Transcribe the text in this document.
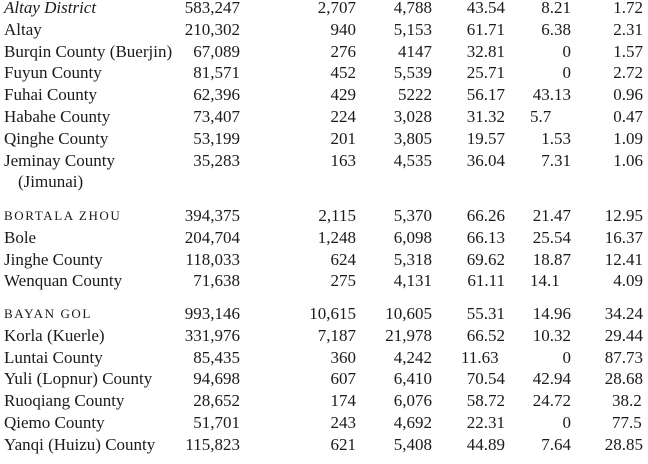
Altay District	583,247	2,707 4,788 43.54 8.21 1.72
Altay	210,302	940 5,153 61.71 6.38 2.31
Burqin County (Buerjin) 67,089	276 4147 32.81	0 1.57
Fuyun County	81,571	452 5,539 25.71	0 2.72
Fuhai County	62,396	429 5222 56.17 43.13 0.96
Habahe County	73,407	224 3,028 31.32 5.7	0.47
Qinghe County	53,199	201 3,805 19.57 1.53 1.09
Jeminay County	35,283	163 4,535 36.04 7.31 1.06
(Jimunai)
BORTALA ZHOU	394,375	2,115 5,370 66.26 21.47 12.95
Bole	204,704	1,248 6,098 66.13 25.54 16.37
Jinghe County	118,033	624 5,318 69.62 18.87 12.41
Wenquan County	71,638	275 4,131 61.11 14.1	4.09
BAYAN GOL	993,146	10,615 10,605 55.31 14.96 34.24
Korla (Kuerle)	331,976	7,187 21,978 66.52 10.32 29.44
Luntai County	85,435	360 4,242 11.63	0 87.73
Yuli (Lopnur) County 94,698	607 6,410 70.54 42.94 28.68
Ruoqiang County	28,652	174 6,076 58.72 24.72 38.2
Qiemo County	51,701	243 4,692 22.31	0 77.5
Yanqi (Huizu) County 115,823	621 5,408 44.89 7.64 28.85
